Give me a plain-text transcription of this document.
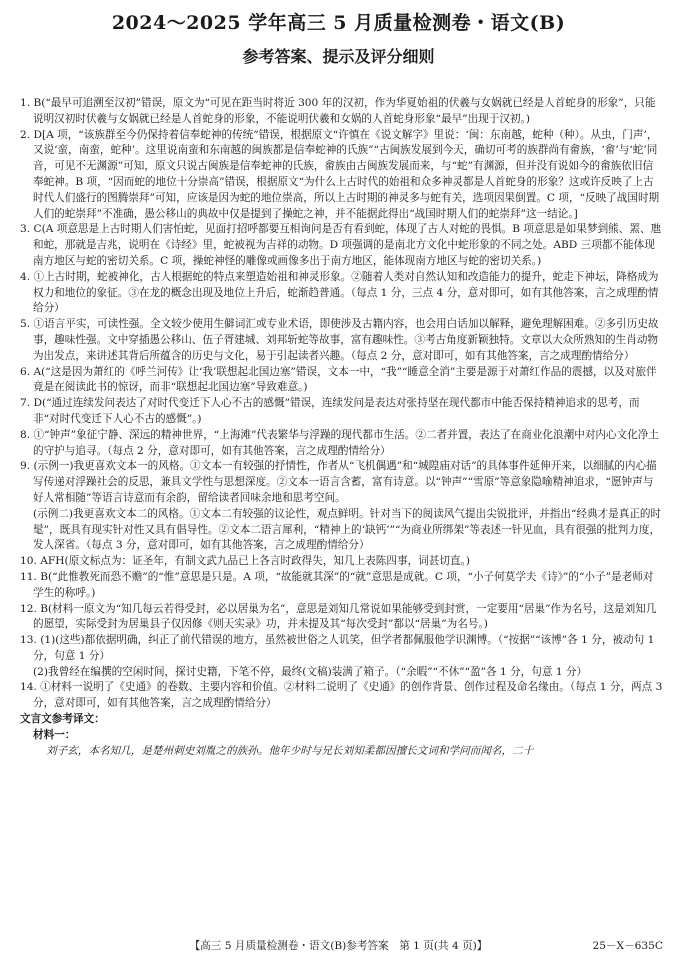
2024～2025 学年高三 5 月质量检测卷・语文(B)
参考答案、提示及评分细则

1. B(“最早可追溯至汉初”错误，原文为“可见在距当时将近 300 年的汉初，作为华夏始祖的伏羲与女娲就已经是人首蛇身的形象”，只能说明汉初时伏羲与女娲就已经是人首蛇身的形象，不能说明伏羲和女娲的人首蛇身形象“最早”出现于汉初。)

2. D[A 项，“该族群至今仍保持着信奉蛇神的传统”错误，根据原文“许慎在《说文解字》里说：‘闽：东南越，蛇种（种）。从虫，门声’，又说‘蛮，南蛮，蛇种’。这里说南蛮和东南越的闽族都是信奉蛇神的氏族”“古闽族发展到今天，确切可考的族群尚有畲族，‘畲’与‘蛇’同音，可见不无渊源”可知，原文只说古闽族是信奉蛇神的氏族，畲族由古闽族发展而来，与“蛇”有渊源，但并没有说如今的畲族依旧信奉蛇神。B 项，“因而蛇的地位十分崇高”错误，根据原文“为什么上古时代的始祖和众多神灵都是人首蛇身的形象？这或许反映了上古时代人们盛行的图腾崇拜”可知，应该是因为蛇的地位崇高，所以上古时期的神灵多与蛇有关，选项因果倒置。C 项，“反映了战国时期人们的蛇崇拜”不准确，愚公移山的典故中仅是提到了操蛇之神，并不能据此得出“战国时期人们的蛇崇拜”这一结论。]

3. C(A 项意思是上古时期人们害怕蛇，见面打招呼都要互相询问是否有看到蛇，体现了古人对蛇的畏惧。B 项意思是如果梦到熊、罴、虺和蛇，那就是吉兆，说明在《诗经》里，蛇被视为吉祥的动物。D 项强调的是南北方文化中蛇形象的不同之处。ABD 三项都不能体现南方地区与蛇的密切关系。C 项，操蛇神怪的雕像或画像多出于南方地区，能体现南方地区与蛇的密切关系。)

4. ①上古时期，蛇被神化，古人根据蛇的特点来塑造始祖和神灵形象。②随着人类对自然认知和改造能力的提升，蛇走下神坛，降格成为权力和地位的象征。③在龙的概念出现及地位上升后，蛇渐趋普通。（每点 1 分，三点 4 分，意对即可，如有其他答案，言之成理酌情给分）

5. ①语言平实，可读性强。全文较少使用生僻词汇或专业术语，即使涉及古籍内容，也会用白话加以解释，避免理解困难。②多引历史故事，趣味性强。文中穿插愚公移山、伍子胥建城、刘邦斩蛇等故事，富有趣味性。③考古角度新颖独特。文章以大众所熟知的生肖动物为出发点，来讲述其背后所蕴含的历史与文化，易于引起读者兴趣。（每点 2 分，意对即可，如有其他答案，言之成理酌情给分）

6. A(“这是因为萧红的《呼兰河传》让‘我’联想起北国边塞”错误，文本一中，“我”“睡意全消”主要是源于对萧红作品的震撼，以及对旅伴竟是在阅读此书的惊讶，而非“联想起北国边塞”导致难意。)

7. D(“通过连续发问表达了对时代变迁下人心不古的感慨”错误，连续发问是表达对张持坚在现代都市中能否保持精神追求的思考，而非“对时代变迁下人心不古的感慨”。)

8. ①“钟声”象征宁静、深远的精神世界，“上海滩”代表繁华与浮躁的现代都市生活。②二者并置，表达了在商业化浪潮中对内心文化净土的守护与追寻。（每点 2 分，意对即可，如有其他答案，言之成理酌情给分）

9. (示例一)我更喜欢文本一的风格。①文本一有较强的抒情性，作者从“飞机偶遇”和“城隍庙对话”的具体事件延伸开来，以细腻的内心描写传递对浮躁社会的反思，兼具文学性与思想深度。②文本一语言含蓄，富有诗意。以“钟声”“雪原”等意象隐喻精神追求，“愿钟声与好人常相随”等语言诗意而有余韵，留给读者回味余地和思考空间。

(示例二)我更喜欢文本二的风格。①文本二有较强的议论性，观点鲜明。针对当下的阅读风气提出尖锐批评，并指出“经典才是真正的时髦”，既具有现实针对性又具有倡导性。②文本二语言犀利，“精神上的‘缺钙’”“为商业所绑架”等表述一针见血，具有很强的批判力度，发人深省。（每点 3 分，意对即可，如有其他答案，言之成理酌情给分）

10. AFH(原文标点为：证圣年，有制文武九品已上各言时政得失，知几上表陈四事，词甚切直。)

11. B(“此惟教死而恐不赡”的“惟”意思是只是。A 项，“故能就其深”的“就”意思是成就。C 项，“小子何莫学夫《诗》”的“小子”是老师对学生的称呼。)

12. B(材料一原文为“知几每云若得受封，必以居巢为名”，意思是刘知几常说如果能够受到封赏，一定要用“居巢”作为名号，这是刘知几的愿望，实际受封为居巢县子仅因修《则天实录》功，并未提及其“每次受封”都以“居巢”为名号。)

13. (1)(这些)都依据明确，纠正了前代错误的地方，虽然被世俗之人讥笑，但学者都佩服他学识渊博。（“按据”“该博”各 1 分，被动句 1 分，句意 1 分）

(2)我曾经在编撰的空闲时间，探讨史籍，下笔不停，最终(文稿)装满了箱子。（“余暇”“不休”“盈”各 1 分，句意 1 分）

14. ①材料一说明了《史通》的卷数、主要内容和价值。②材料二说明了《史通》的创作背景、创作过程及命名缘由。（每点 1 分，两点 3 分，意对即可，如有其他答案，言之成理酌情给分）

文言文参考译文：

材料一：

刘子玄，本名知几，是楚州刺史刘胤之的族孙。他年少时与兄长刘知柔都因擅长文词和学问而闻名，二十

【高三 5 月质量检测卷・语文(B)参考答案　第 1 页(共 4 页)】	25－X－635C
